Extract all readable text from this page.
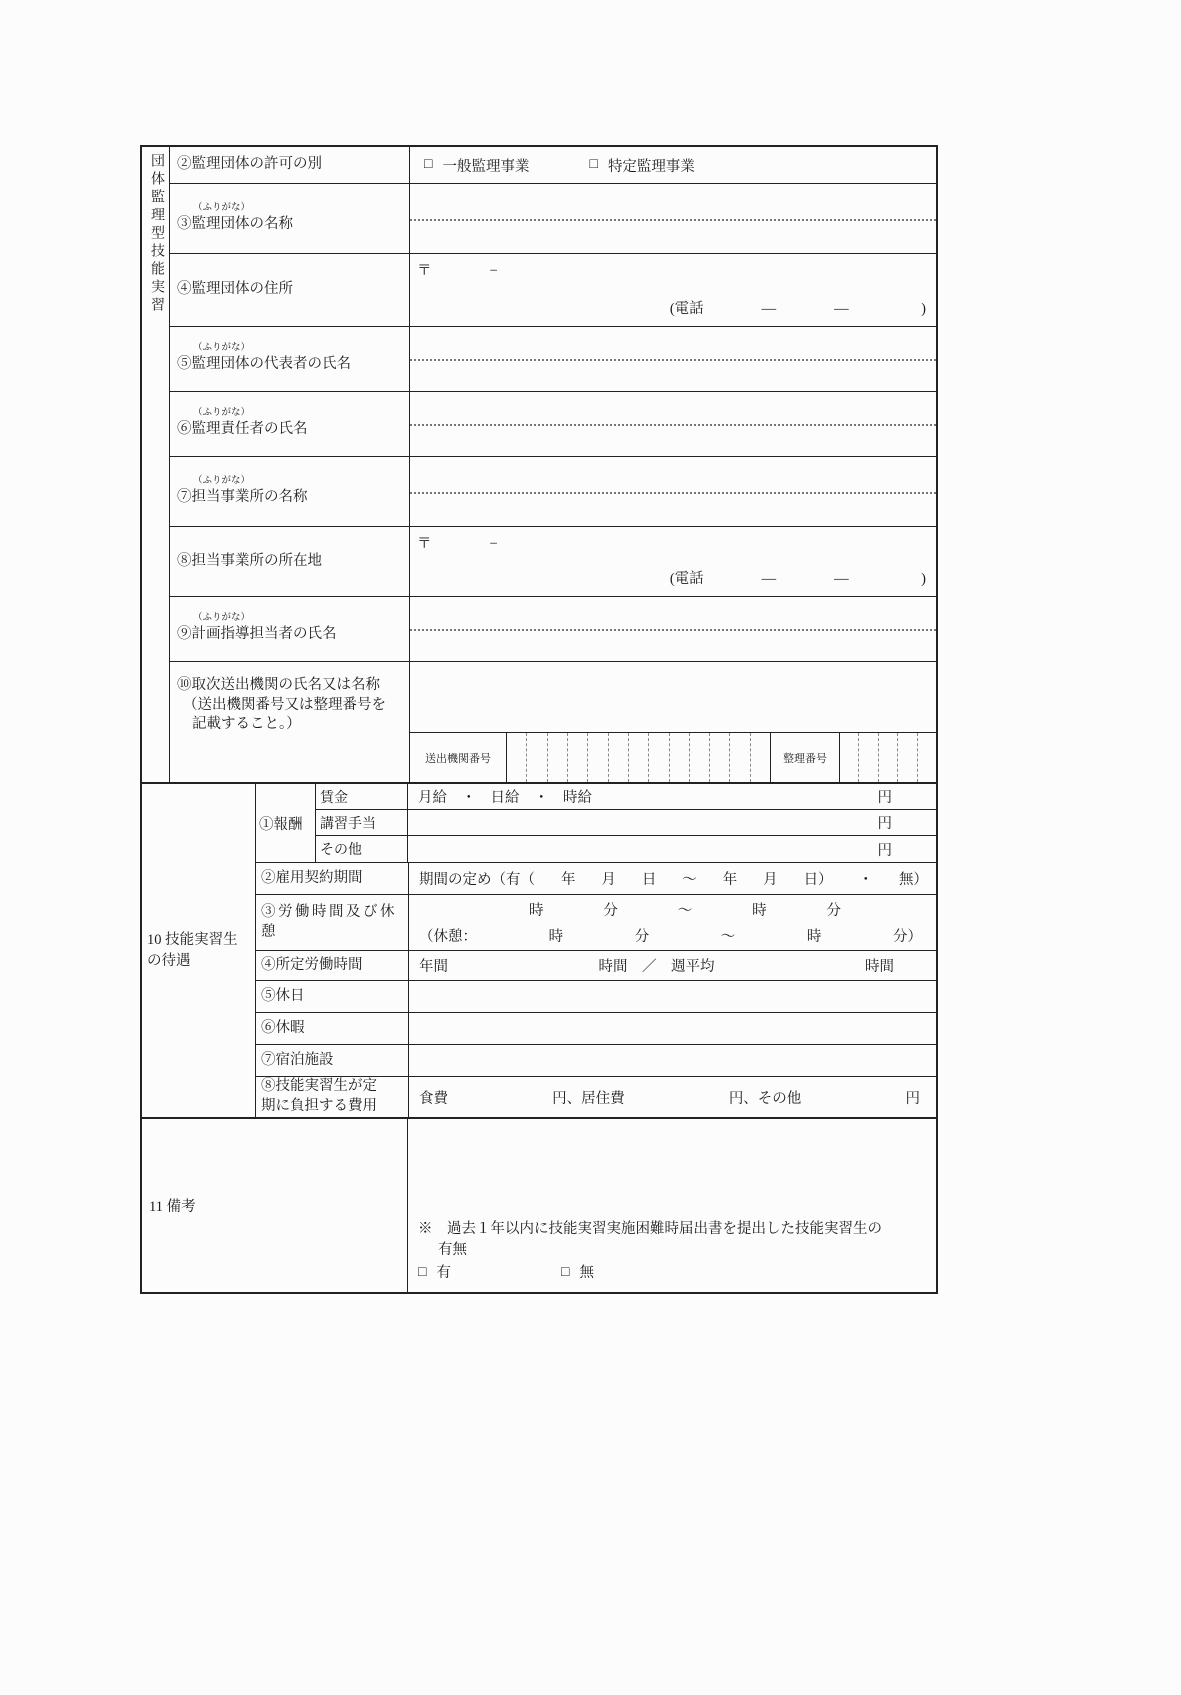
団体監理型技能実習 ②監理団体の許可の別	□ 一般監理事業	□ 特定監理事業
（ふりがな）
③監理団体の名称
④監理団体の住所
〒　　　　−
(電話　　　　―　　　　―　　　　　)
（ふりがな）
⑤監理団体の代表者の氏名
（ふりがな）
⑥監理責任者の氏名
（ふりがな）
⑦担当事業所の名称
⑧担当事業所の所在地
〒　　　　−
(電話　　　　―　　　　―　　　　　)
（ふりがな）
⑨計画指導担当者の氏名
⑩取次送出機関の氏名又は名称
（送出機関番号又は整理番号を
記載すること。）
送出機関番号	整理番号
10 技能実習生
の待遇
①報酬
賃金	月給　・　日給　・　時給	円
講習手当	円
その他	円
②雇用契約期間	期間の定め（有（ 年 月 日 〜 年 月 日） ・ 無）
③労働時間及び休
憩
時	分	〜	時	分
（休憩：	時	分	〜	時	分）
④所定労働時間	年間	時間　／　週平均	時間
⑤休日
⑥休暇
⑦宿泊施設
⑧技能実習生が定
期に負担する費用	食費	円、居住費	円、その他	円
11 備考
※　過去１年以内に技能実習実施困難時届出書を提出した技能実習生の
有無
□ 有	□ 無
